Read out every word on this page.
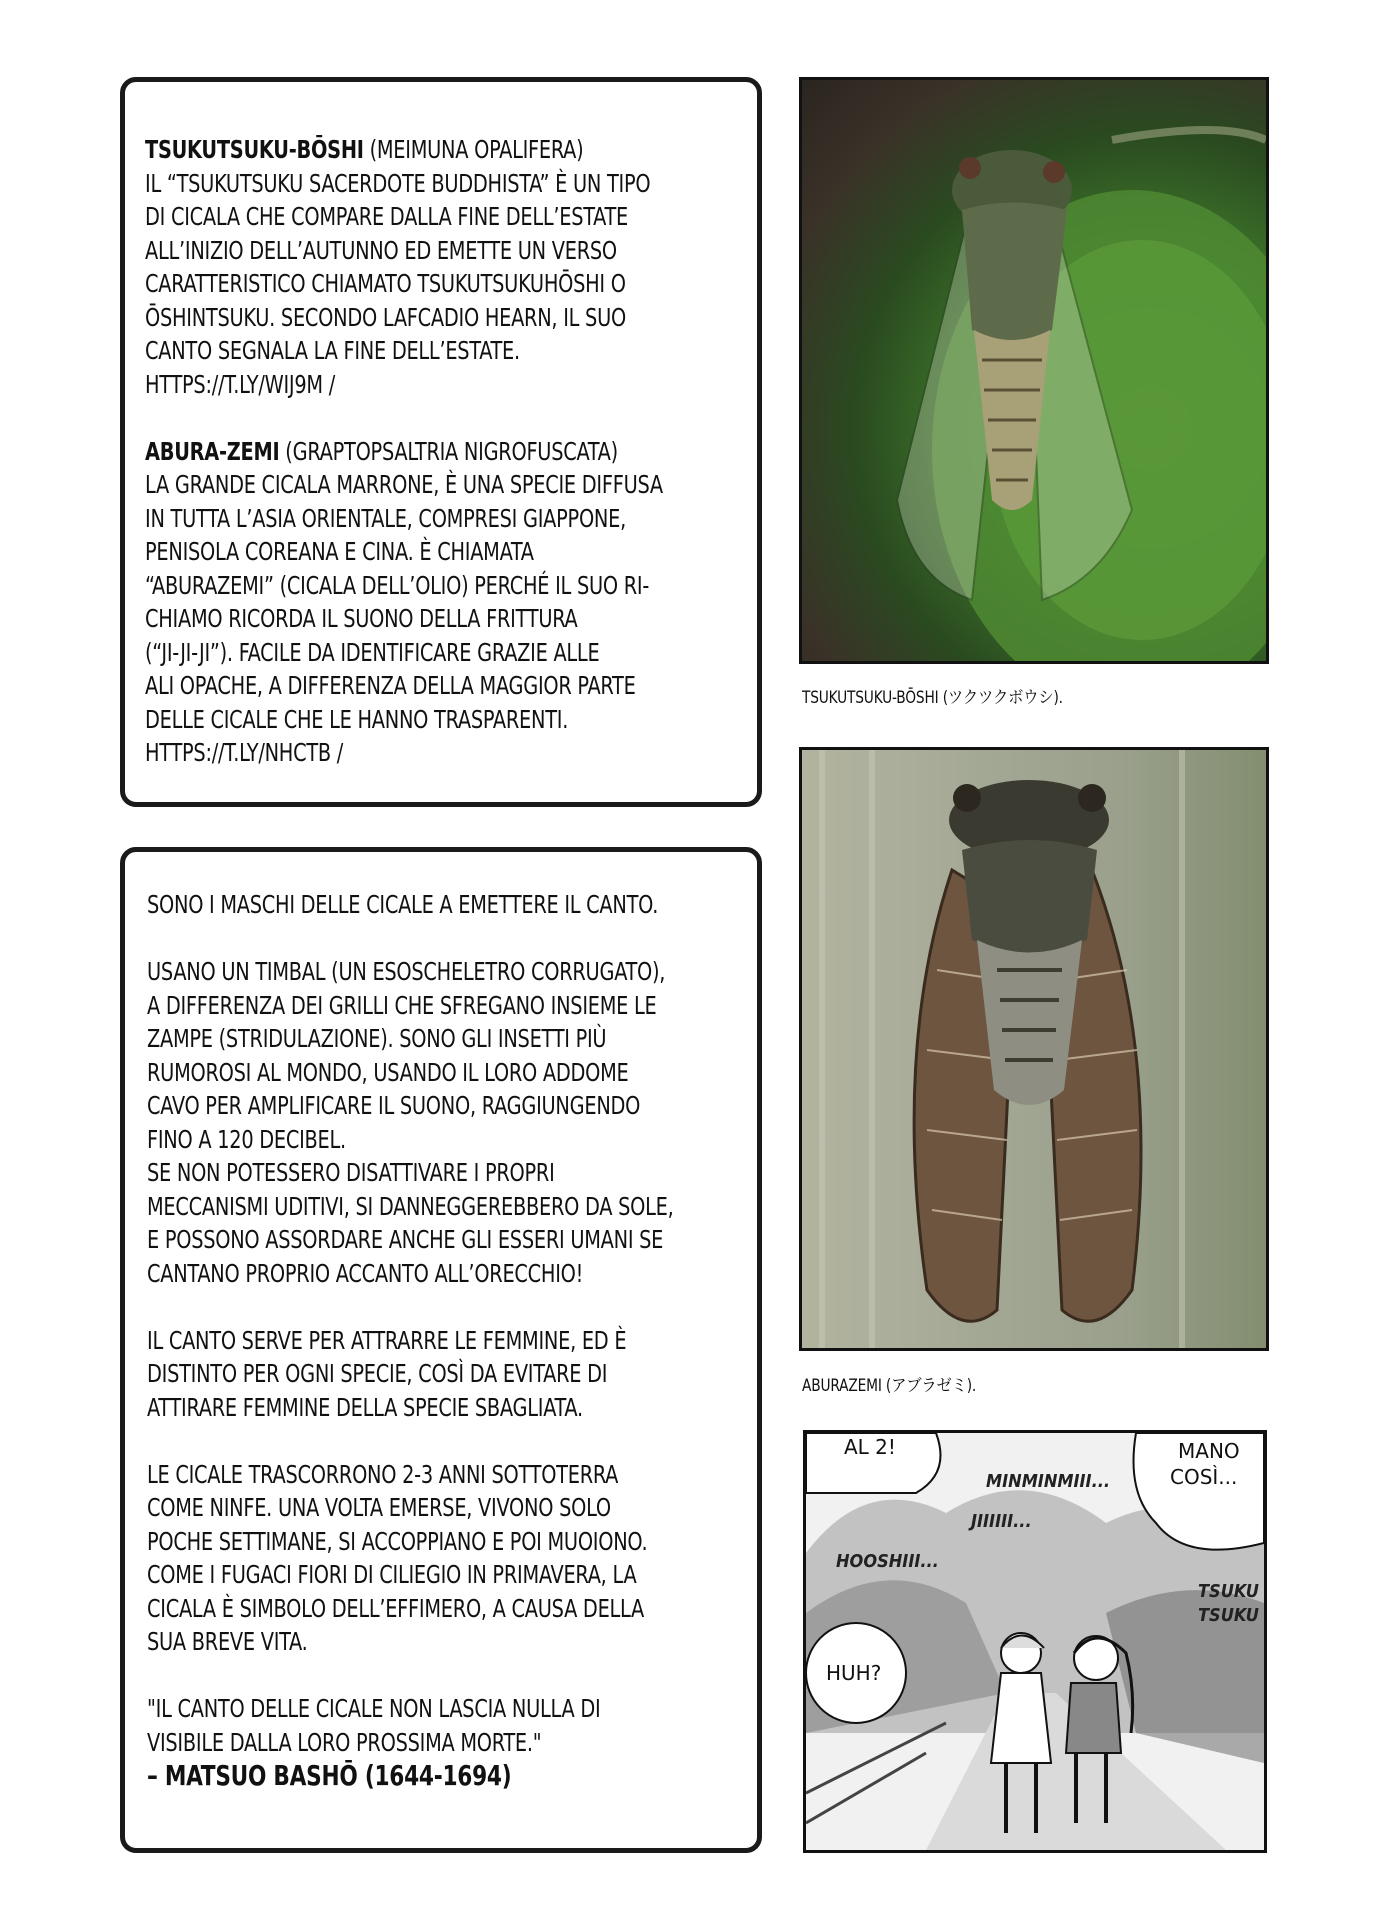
TSUKUTSUKU-BŌSHI (MEIMUNA OPALIFERA)

IL “TSUKUTSUKU SACERDOTE BUDDHISTA” È UN TIPO

DI CICALA CHE COMPARE DALLA FINE DELL’ESTATE

ALL’INIZIO DELL’AUTUNNO ED EMETTE UN VERSO

CARATTERISTICO CHIAMATO TSUKUTSUKUHŌSHI O

ŌSHINTSUKU. SECONDO LAFCADIO HEARN, IL SUO

CANTO SEGNALA LA FINE DELL’ESTATE.

HTTPS://T.LY/WIJ9M /

ABURA-ZEMI (GRAPTOPSALTRIA NIGROFUSCATA)

LA GRANDE CICALA MARRONE, È UNA SPECIE DIFFUSA

IN TUTTA L’ASIA ORIENTALE, COMPRESI GIAPPONE,

PENISOLA COREANA E CINA. È CHIAMATA

“ABURAZEMI” (CICALA DELL’OLIO) PERCHÉ IL SUO RI-

CHIAMO RICORDA IL SUONO DELLA FRITTURA

(“JI-JI-JI”). FACILE DA IDENTIFICARE GRAZIE ALLE

ALI OPACHE, A DIFFERENZA DELLA MAGGIOR PARTE

DELLE CICALE CHE LE HANNO TRASPARENTI.

HTTPS://T.LY/NHCTB /

SONO I MASCHI DELLE CICALE A EMETTERE IL CANTO.

USANO UN TIMBAL (UN ESOSCHELETRO CORRUGATO),

A DIFFERENZA DEI GRILLI CHE SFREGANO INSIEME LE

ZAMPE (STRIDULAZIONE). SONO GLI INSETTI PIÙ

RUMOROSI AL MONDO, USANDO IL LORO ADDOME

CAVO PER AMPLIFICARE IL SUONO, RAGGIUNGENDO

FINO A 120 DECIBEL.

SE NON POTESSERO DISATTIVARE I PROPRI

MECCANISMI UDITIVI, SI DANNEGGEREBBERO DA SOLE,

E POSSONO ASSORDARE ANCHE GLI ESSERI UMANI SE

CANTANO PROPRIO ACCANTO ALL’ORECCHIO!

IL CANTO SERVE PER ATTRARRE LE FEMMINE, ED È

DISTINTO PER OGNI SPECIE, COSÌ DA EVITARE DI

ATTIRARE FEMMINE DELLA SPECIE SBAGLIATA.

LE CICALE TRASCORRONO 2-3 ANNI SOTTOTERRA

COME NINFE. UNA VOLTA EMERSE, VIVONO SOLO

POCHE SETTIMANE, SI ACCOPPIANO E POI MUOIONO.

COME I FUGACI FIORI DI CILIEGIO IN PRIMAVERA, LA

CICALA È SIMBOLO DELL’EFFIMERO, A CAUSA DELLA

SUA BREVE VITA.

"IL CANTO DELLE CICALE NON LASCIA NULLA DI

VISIBILE DALLA LORO PROSSIMA MORTE."

– MATSUO BASHŌ (1644-1694)

TSUKUTSUKU-BŌSHI (ツクツクボウシ).
ABURAZEMI (アブラゼミ).
AL 2!	MANO
COSÌ...
MINMINMIII...
JIIIIII...
HOOSHIII...
TSUKU
TSUKU
HUH?
